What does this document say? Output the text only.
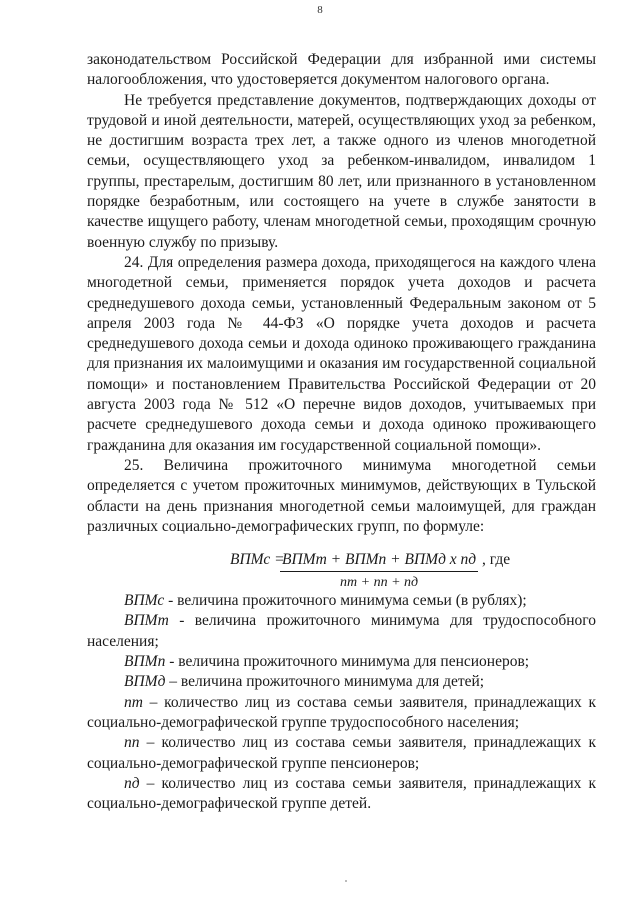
8

законодательством Российской Федерации для избранной ими системы налогообложения, что удостоверяется документом налогового органа.

Не требуется представление документов, подтверждающих доходы от трудовой и иной деятельности, матерей, осуществляющих уход за ребенком, не достигшим возраста трех лет, а также одного из членов многодетной семьи, осуществляющего уход за ребенком-инвалидом, инвалидом 1 группы, престарелым, достигшим 80 лет, или признанного в установленном порядке безработным, или состоящего на учете в службе занятости в качестве ищущего работу, членам многодетной семьи, проходящим срочную военную службу по призыву.

24. Для определения размера дохода, приходящегося на каждого члена многодетной семьи, применяется порядок учета доходов и расчета среднедушевого дохода семьи, установленный Федеральным законом от 5 апреля 2003 года № 44-ФЗ «О порядке учета доходов и расчета среднедушевого дохода семьи и дохода одиноко проживающего гражданина для признания их малоимущими и оказания им государственной социальной помощи» и постановлением Правительства Российской Федерации от 20 августа 2003 года № 512 «О перечне видов доходов, учитываемых при расчете среднедушевого дохода семьи и дохода одиноко проживающего гражданина для оказания им государственной социальной помощи».

25. Величина прожиточного минимума многодетной семьи определяется с учетом прожиточных минимумов, действующих в Тульской области на день признания многодетной семьи малоимущей, для граждан различных социально-демографических групп, по формуле:

ВПМс =
ВПМт + ВПМп + ВПМд х nд
nт + nп + nд
, где

ВПМс - величина прожиточного минимума семьи (в рублях);

ВПМт - величина прожиточного минимума для трудоспособного населения;

ВПМп - величина прожиточного минимума для пенсионеров;

ВПМд – величина прожиточного минимума для детей;

nт – количество лиц из состава семьи заявителя, принадлежащих к социально-демографической группе трудоспособного населения;

nп – количество лиц из состава семьи заявителя, принадлежащих к социально-демографической группе пенсионеров;

nд – количество лиц из состава семьи заявителя, принадлежащих к социально-демографической группе детей.
